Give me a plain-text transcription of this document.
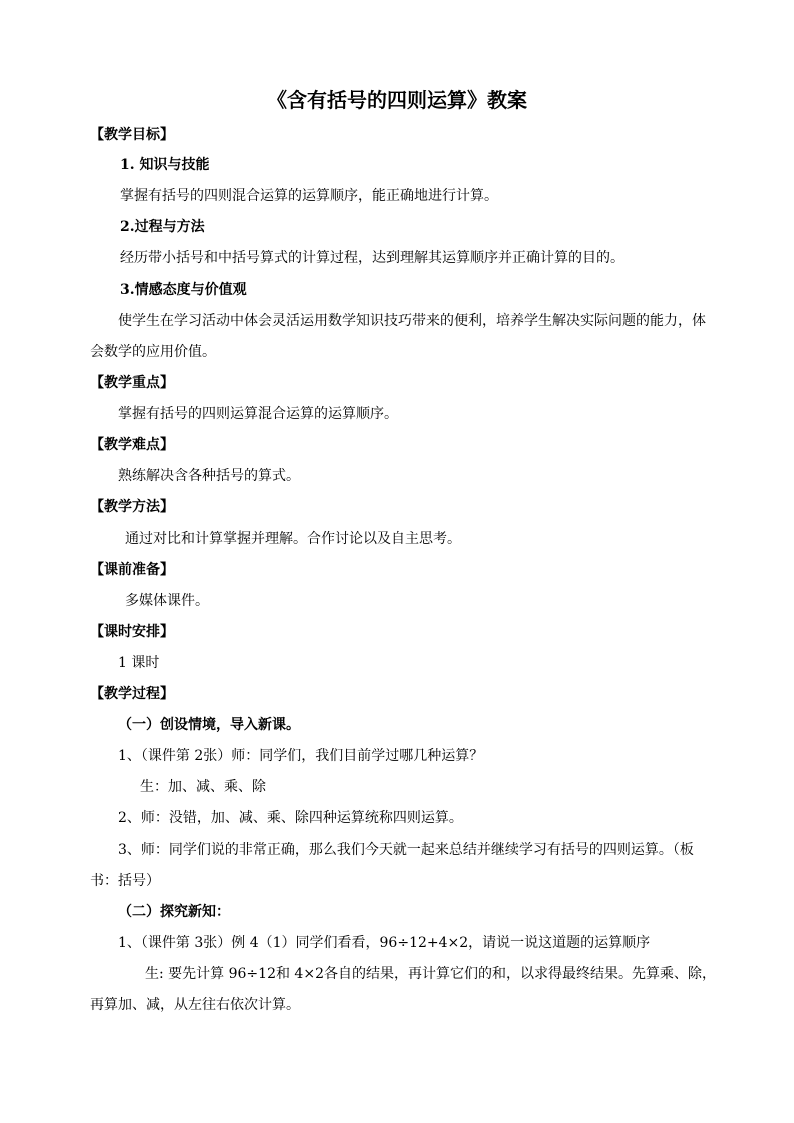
《含有括号的四则运算》教案
【教学目标】
1. 知识与技能
掌握有括号的四则混合运算的运算顺序，能正确地进行计算。
2.过程与方法
经历带小括号和中括号算式的计算过程，达到理解其运算顺序并正确计算的目的。
3.情感态度与价值观
使学生在学习活动中体会灵活运用数学知识技巧带来的便利，培养学生解决实际问题的能力，体
会数学的应用价值。
【教学重点】
掌握有括号的四则运算混合运算的运算顺序。
【教学难点】
熟练解决含各种括号的算式。
【教学方法】
通过对比和计算掌握并理解。合作讨论以及自主思考。
【课前准备】
多媒体课件。
【课时安排】
1 课时
【教学过程】
（一）创设情境，导入新课。
1、（课件第 2张）师：同学们，我们目前学过哪几种运算？
生：加、减、乘、除
2、师：没错，加、减、乘、除四种运算统称四则运算。
3、师：同学们说的非常正确，那么我们今天就一起来总结并继续学习有括号的四则运算。（板
书：括号）
（二）探究新知：
1、（课件第 3张）例 4（1）同学们看看，96÷12+4×2，请说一说这道题的运算顺序
生: 要先计算 96÷12和 4×2各自的结果，再计算它们的和，以求得最终结果。先算乘、除，
再算加、减，从左往右依次计算。
